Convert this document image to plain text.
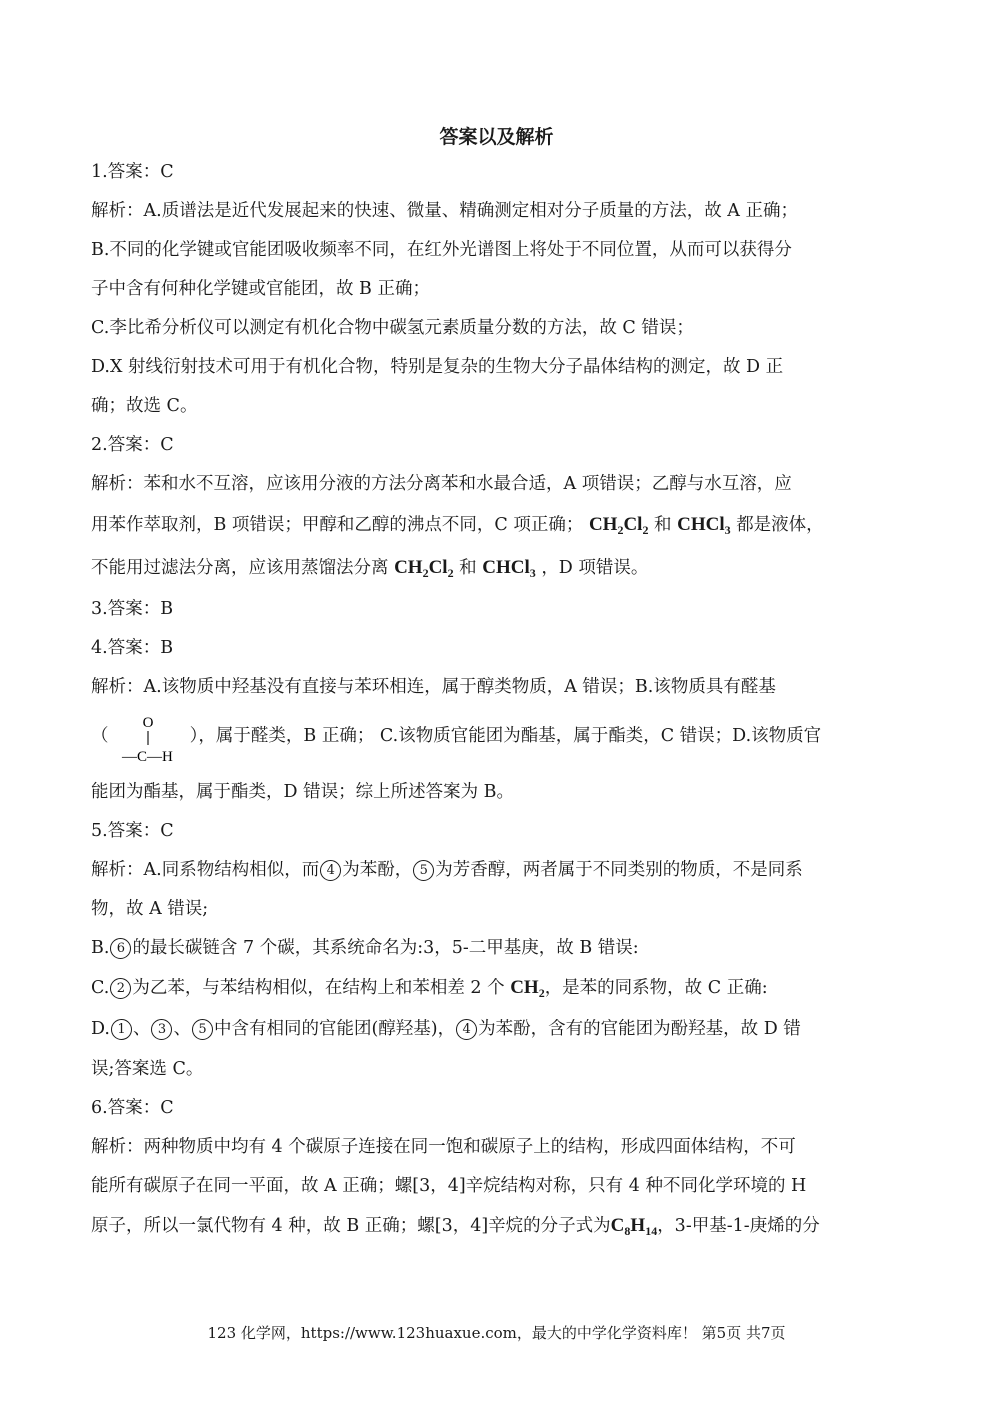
答案以及解析
1.答案：C
解析：A.质谱法是近代发展起来的快速、微量、精确测定相对分子质量的方法，故 A 正确；
B.不同的化学键或官能团吸收频率不同，在红外光谱图上将处于不同位置，从而可以获得分
子中含有何种化学键或官能团，故 B 正确；
C.李比希分析仪可以测定有机化合物中碳氢元素质量分数的方法，故 C 错误；
D.X 射线衍射技术可用于有机化合物，特别是复杂的生物大分子晶体结构的测定，故 D 正
确；故选 C。
2.答案：C
解析：苯和水不互溶，应该用分液的方法分离苯和水最合适，A 项错误；乙醇与水互溶，应
用苯作萃取剂，B 项错误；甲醇和乙醇的沸点不同，C 项正确； $CH_2Cl_2$ 和 CHCl$_3$ 都是液体，
不能用过滤法分离，应该用蒸馏法分离 $CH_2Cl_2$ 和 CHCl$_3$ ，D 项错误。
3.答案：B
4.答案：B
解析：A.该物质中羟基没有直接与苯环相连，属于醇类物质，A 错误；B.该物质具有醛基
（
O
—C—H
），属于醛类，B 正确； C.该物质官能团为酯基，属于酯类，C 错误；D.该物质官
能团为酯基，属于酯类，D 错误；综上所述答案为 B。
5.答案：C
解析：A.同系物结构相似，而 4 为苯酚， 5 为芳香醇，两者属于不同类别的物质，不是同系
物，故 A 错误;
B. 6 的最长碳链含 7 个碳，其系统命名为:3，5-二甲基庚，故 B 错误:
C. 2 为乙苯，与苯结构相似，在结构上和苯相差 2 个 $CH_2$，是苯的同系物，故 C 正确:
D. 1 、 3 、 5 中含有相同的官能团(醇羟基)， 4 为苯酚，含有的官能团为酚羟基，故 D 错
误;答案选 C。
6.答案：C
解析：两种物质中均有 4 个碳原子连接在同一饱和碳原子上的结构，形成四面体结构，不可
能所有碳原子在同一平面，故 A 正确；螺[3，4]辛烷结构对称，只有 4 种不同化学环境的 H
原子，所以一氯代物有 4 种，故 B 正确；螺[3，4]辛烷的分子式为$C_8H_{14}$，3-甲基-1-庚烯的分
123 化学网，https://www.123huaxue.com，最大的中学化学资料库！ 第5页 共7页
